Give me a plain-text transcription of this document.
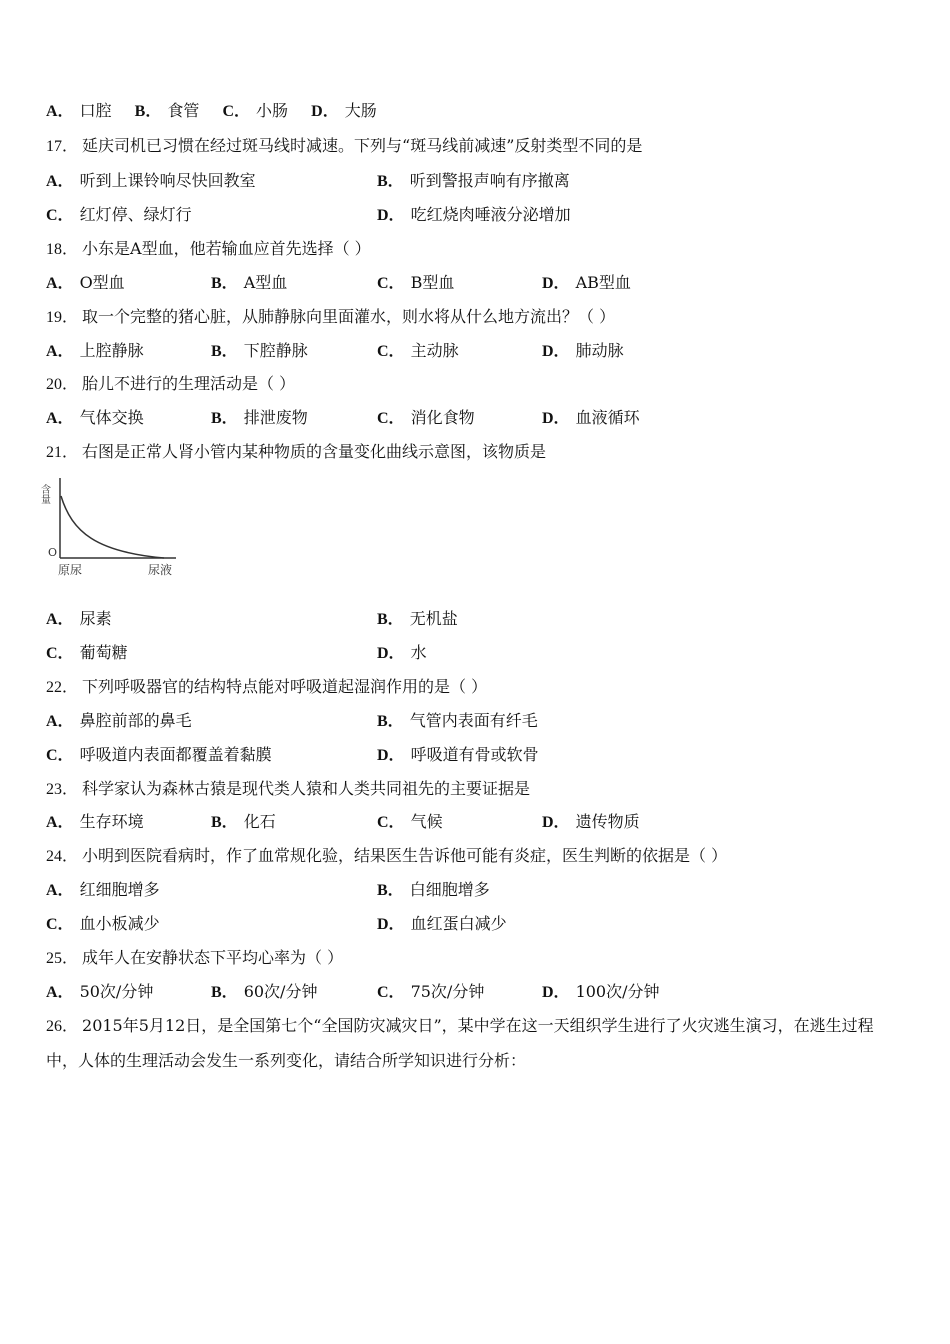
A． 口腔 B． 食管 C． 小肠 D． 大肠
17． 延庆司机已习惯在经过斑马线时减速。下列与“斑马线前减速”反射类型不同的是
A． 听到上课铃响尽快回教室	B． 听到警报声响有序撤离
C． 红灯停、绿灯行	D． 吃红烧肉唾液分泌增加
18． 小东是A型血，他若输血应首先选择（ ）
A． O型血	B． A型血	C． B型血	D． AB型血
19． 取一个完整的猪心脏，从肺静脉向里面灌水，则水将从什么地方流出？（ ）
A． 上腔静脉	B． 下腔静脉	C． 主动脉	D． 肺动脉
20． 胎儿不进行的生理活动是（ ）
A． 气体交换	B． 排泄废物	C． 消化食物	D． 血液循环
21． 右图是正常人肾小管内某种物质的含量变化曲线示意图，该物质是
含量
O
原尿	尿液
A． 尿素	B． 无机盐
C． 葡萄糖	D． 水
22． 下列呼吸器官的结构特点能对呼吸道起湿润作用的是（ ）
A． 鼻腔前部的鼻毛	B． 气管内表面有纤毛
C． 呼吸道内表面都覆盖着黏膜	D． 呼吸道有骨或软骨
23． 科学家认为森林古猿是现代类人猿和人类共同祖先的主要证据是
A． 生存环境	B． 化石	C． 气候	D． 遗传物质
24． 小明到医院看病时，作了血常规化验，结果医生告诉他可能有炎症，医生判断的依据是（ ）
A． 红细胞增多	B． 白细胞增多
C． 血小板减少	D． 血红蛋白减少
25． 成年人在安静状态下平均心率为（ ）
A． 50次/分钟	B． 60次/分钟	C． 75次/分钟	D． 100次/分钟
26． 2015年5月12日，是全国第七个“全国防灾减灾日”，某中学在这一天组织学生进行了火灾逃生演习，在逃生过程中，人体的生理活动会发生一系列变化，请结合所学知识进行分析：
